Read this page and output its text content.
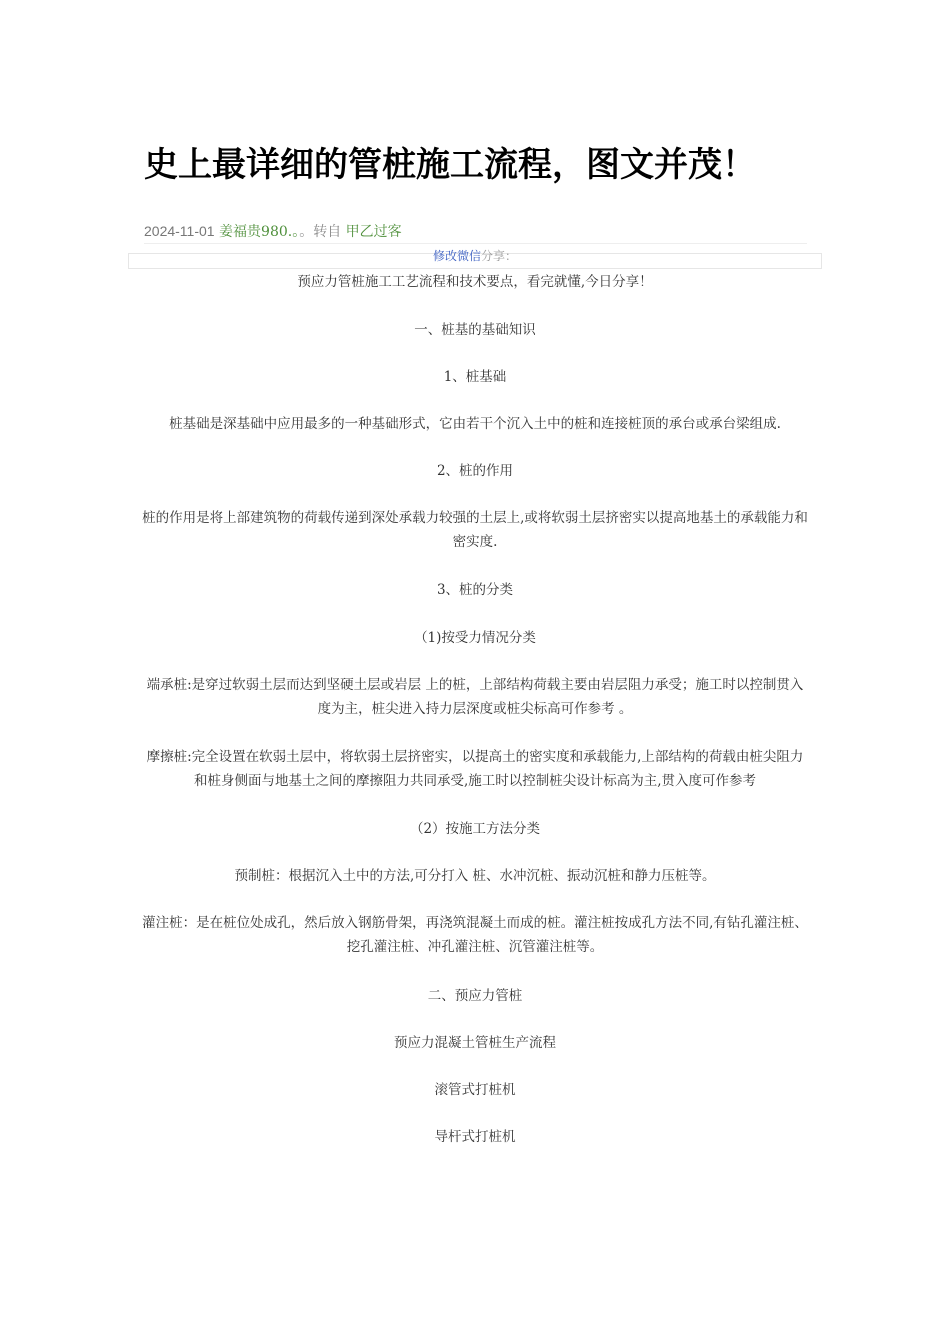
史上最详细的管桩施工流程，图文并茂！
2024-11-01 姜福贵980.。。转自 甲乙过客
修改微信分享：

预应力管桩施工工艺流程和技术要点，看完就懂,今日分享！

一、桩基的基础知识

1、桩基础

桩基础是深基础中应用最多的一种基础形式，它由若干个沉入土中的桩和连接桩顶的承台或承台梁组成.

2、桩的作用

桩的作用是将上部建筑物的荷载传递到深处承载力较强的土层上,或将软弱土层挤密实以提高地基土的承载能力和密实度.

3、桩的分类

（1)按受力情况分类

端承桩:是穿过软弱土层而达到坚硬土层或岩层 上的桩，上部结构荷载主要由岩层阻力承受；施工时以控制贯入度为主，桩尖进入持力层深度或桩尖标高可作参考 。

摩擦桩:完全设置在软弱土层中，将软弱土层挤密实，以提高土的密实度和承载能力,上部结构的荷载由桩尖阻力和桩身侧面与地基土之间的摩擦阻力共同承受,施工时以控制桩尖设计标高为主,贯入度可作参考

（2）按施工方法分类

预制桩：根据沉入土中的方法,可分打入 桩、水冲沉桩、振动沉桩和静力压桩等。

灌注桩：是在桩位处成孔，然后放入钢筋骨架，再浇筑混凝土而成的桩。灌注桩按成孔方法不同,有钻孔灌注桩、挖孔灌注桩、冲孔灌注桩、沉管灌注桩等。

二、预应力管桩

预应力混凝土管桩生产流程

滚管式打桩机

导杆式打桩机
